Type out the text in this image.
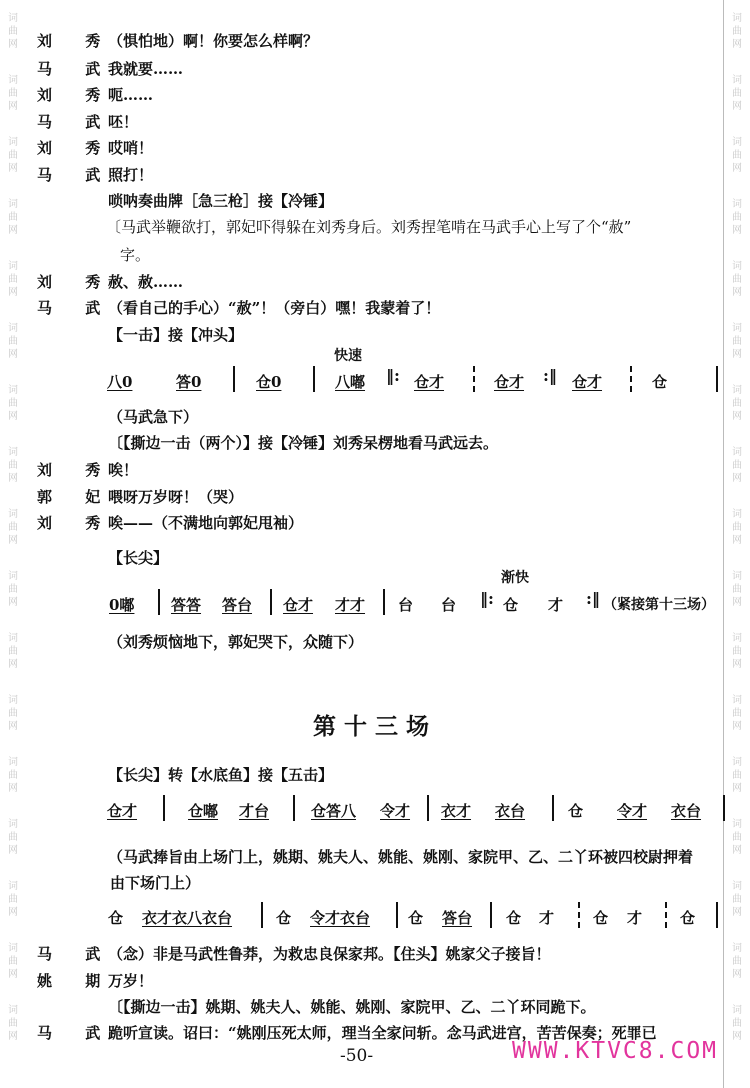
词
曲
网
词
曲
网
词
曲
网
词
曲
网
词
曲
网
词
曲
网
词
曲
网
词
曲
网
词
曲
网
词
曲
网
词
曲
网
词
曲
网
词
曲
网
词
曲
网
词
曲
网
词
曲
网
词
曲
网
词
曲
网
词
曲
网
词
曲
网
词
曲
网
词
曲
网
词
曲
网
词
曲
网
词
曲
网
词
曲
网
词
曲
网
词
曲
网
词
曲
网
词
曲
网
词
曲
网
词
曲
网
词
曲
网
词
曲
网
刘 秀
（惧怕地）啊！你要怎么样啊？
马 武
我就要……
刘 秀
呃……
马 武
呸！
刘 秀
哎哨！
马 武
照打！
唢呐奏曲牌［急三枪］接【冷锤】
〔马武举鞭欲打，郭妃吓得躲在刘秀身后。刘秀捏笔啃在马武手心上写了个“赦”
字。
刘 秀
赦、赦……
马 武
（看自己的手心）“赦”！（旁白）嘿！我蒙着了！
【一击】接【冲头】
快速
八0	答0	仓0	八嘟 ‖: 仓才	仓才 :‖ 仓才	仓
（马武急下）
〔【撕边一击（两个）】接【冷锤】刘秀呆楞地看马武远去。
刘 秀
唉！
郭 妃
喂呀万岁呀！（哭）
刘 秀
唉——（不满地向郭妃甩袖）
【长尖】
渐快
0嘟 答答 答台 仓才 才才 台 台 ‖: 仓 才 :‖ （紧接第十三场）
（刘秀烦恼地下，郭妃哭下，众随下）
第十三场
【长尖】转【水底鱼】接【五击】
仓才	仓嘟 才台	仓答八 令才 衣才 衣台	仓 令才 衣台
（马武捧旨由上场门上，姚期、姚夫人、姚能、姚刚、家院甲、乙、二丫环被四校尉押着
由下场门上）
仓 衣才衣八衣台	仓 令才衣台	仓 答台 仓 才	仓 才	仓
马 武
（念）非是马武性鲁莽，为救忠良保家邦。【住头】姚家父子接旨！
姚 期
万岁！
〔【撕边一击】姚期、姚夫人、姚能、姚刚、家院甲、乙、二丫环同跪下。
马 武
跪听宣读。诏曰：“姚刚压死太师，理当全家问斩。念马武进宫，苦苦保奏；死罪已
-50-	WWW.KTVC8.COM
